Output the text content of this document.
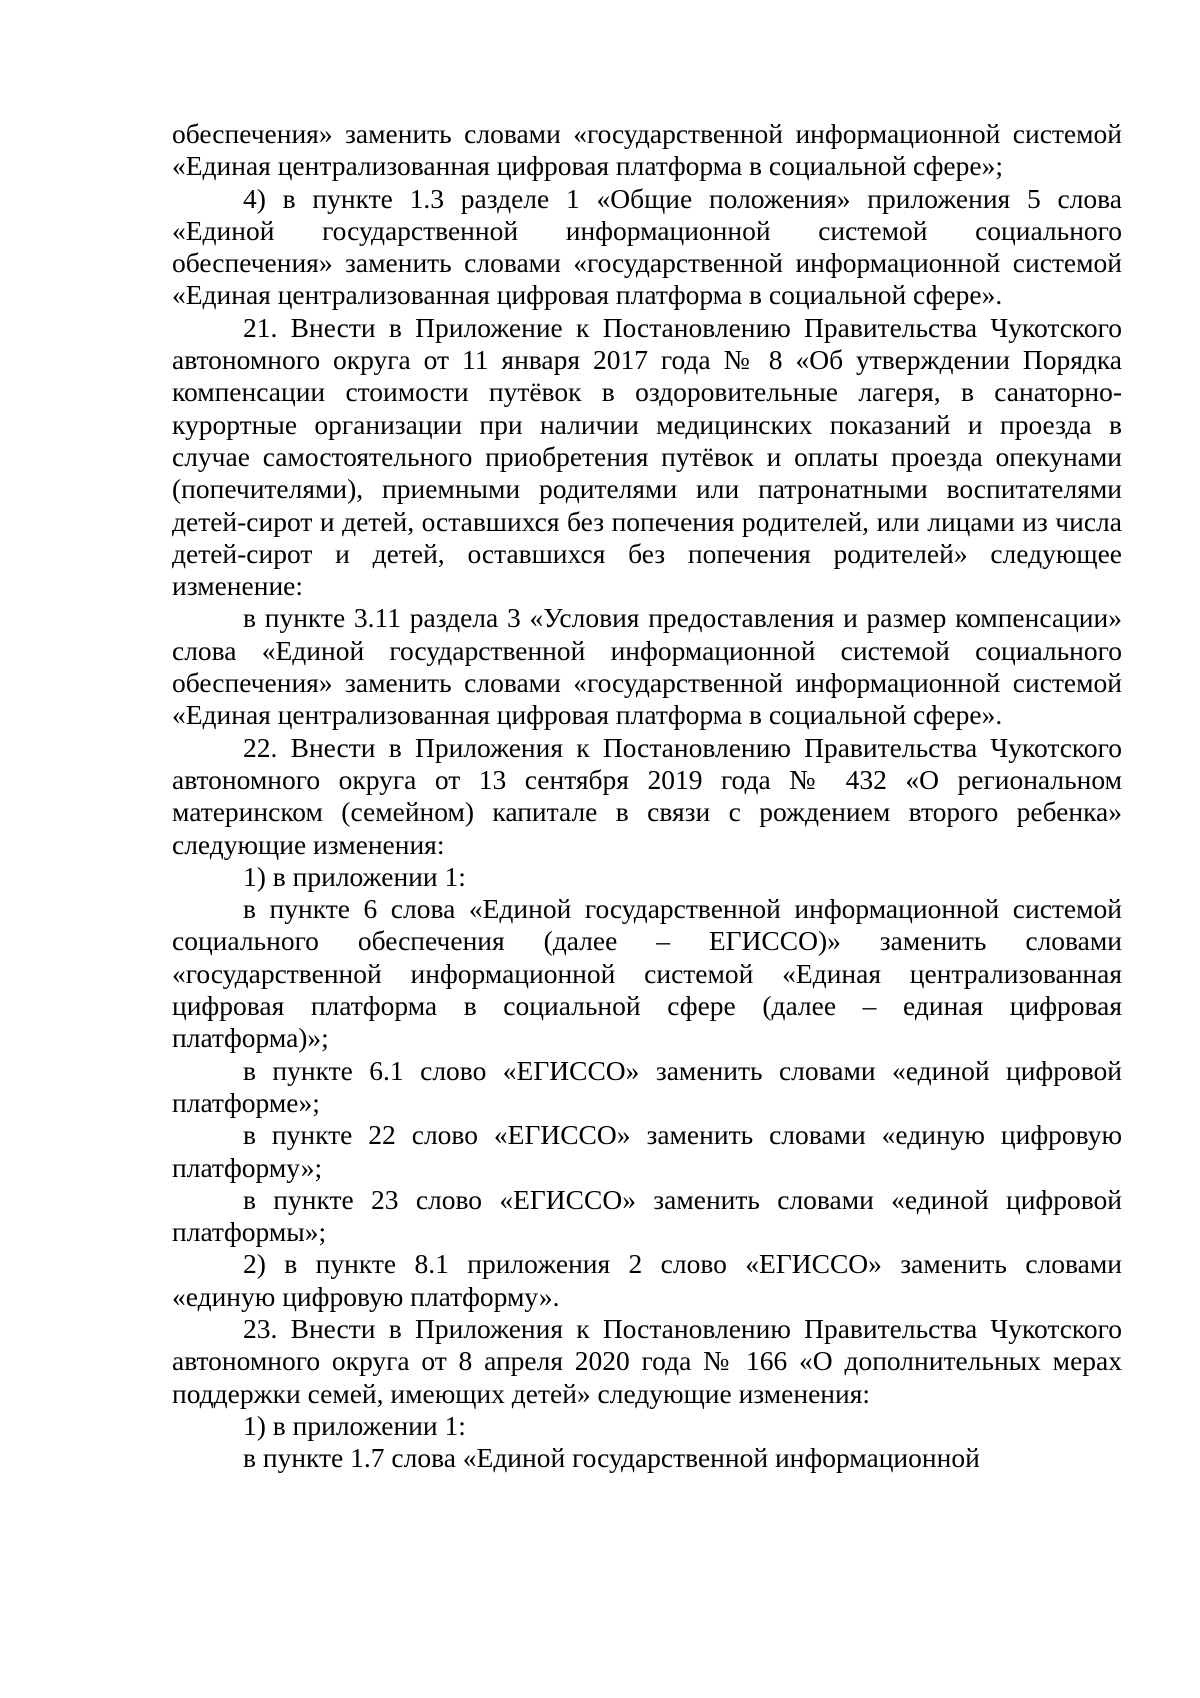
обеспечения» заменить словами «государственной информационной системой «Единая централизованная цифровая платформа в социальной сфере»;

4) в пункте 1.3 разделе 1 «Общие положения» приложения 5 слова «Единой государственной информационной системой социального обеспечения» заменить словами «государственной информационной системой «Единая централизованная цифровая платформа в социальной сфере».

21. Внести в Приложение к Постановлению Правительства Чукотского автономного округа от 11 января 2017 года № 8 «Об утверждении Порядка компенсации стоимости путёвок в оздоровительные лагеря, в санаторно-курортные организации при наличии медицинских показаний и проезда в случае самостоятельного приобретения путёвок и оплаты проезда опекунами (попечителями), приемными родителями или патронатными воспитателями детей-сирот и детей, оставшихся без попечения родителей, или лицами из числа детей-сирот и детей, оставшихся без попечения родителей» следующее изменение:

в пункте 3.11 раздела 3 «Условия предоставления и размер компенсации» слова «Единой государственной информационной системой социального обеспечения» заменить словами «государственной информационной системой «Единая централизованная цифровая платформа в социальной сфере».

22. Внести в Приложения к Постановлению Правительства Чукотского автономного округа от 13 сентября 2019 года № 432 «О региональном материнском (семейном) капитале в связи с рождением второго ребенка» следующие изменения:

1) в приложении 1:

в пункте 6 слова «Единой государственной информационной системой социального обеспечения (далее – ЕГИССО)» заменить словами «государственной информационной системой «Единая централизованная цифровая платформа в социальной сфере (далее – единая цифровая платформа)»;

в пункте 6.1 слово «ЕГИССО» заменить словами «единой цифровой платформе»;

в пункте 22 слово «ЕГИССО» заменить словами «единую цифровую платформу»;

в пункте 23 слово «ЕГИССО» заменить словами «единой цифровой платформы»;

2) в пункте 8.1 приложения 2 слово «ЕГИССО» заменить словами «единую цифровую платформу».

23. Внести в Приложения к Постановлению Правительства Чукотского автономного округа от 8 апреля 2020 года № 166 «О дополнительных мерах поддержки семей, имеющих детей» следующие изменения:

1) в приложении 1:

в пункте 1.7 слова «Единой государственной информационной
